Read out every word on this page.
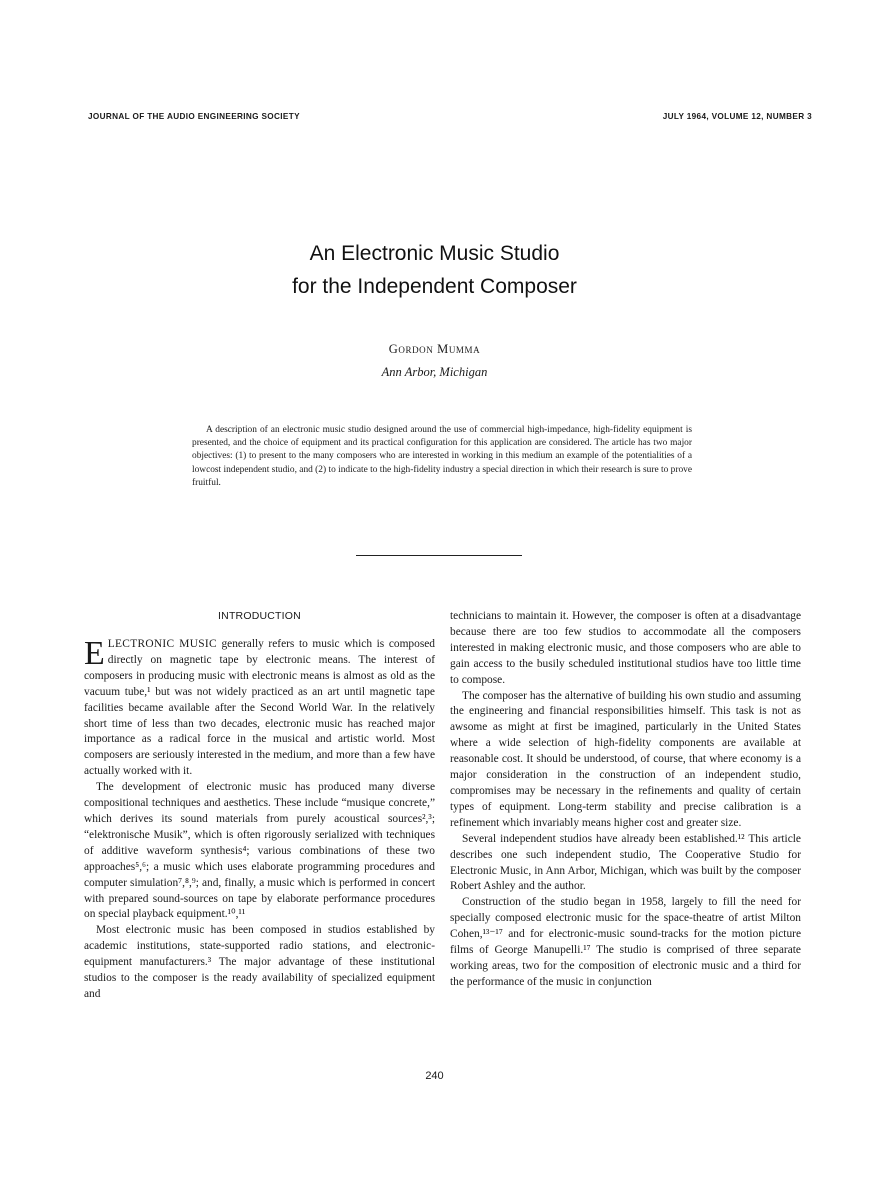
JOURNAL OF THE AUDIO ENGINEERING SOCIETY	JULY 1964, VOLUME 12, NUMBER 3
An Electronic Music Studio
for the Independent Composer
Gordon Mumma
Ann Arbor, Michigan

A description of an electronic music studio designed around the use of commercial high-impedance, high-fidelity equipment is presented, and the choice of equipment and its practical configuration for this application are considered. The article has two major objectives: (1) to present to the many composers who are interested in working in this medium an example of the potentialities of a lowcost independent studio, and (2) to indicate to the high-fidelity industry a special direction in which their research is sure to prove fruitful.

INTRODUCTION

ELECTRONIC MUSIC generally refers to music which is composed directly on magnetic tape by electronic means. The interest of composers in producing music with electronic means is almost as old as the vacuum tube,¹ but was not widely practiced as an art until magnetic tape facilities became available after the Second World War. In the relatively short time of less than two decades, electronic music has reached major importance as a radical force in the musical and artistic world. Most composers are seriously interested in the medium, and more than a few have actually worked with it.

The development of electronic music has produced many diverse compositional techniques and aesthetics. These include “musique concrete,” which derives its sound materials from purely acoustical sources²,³; “elektronische Musik”, which is often rigorously serialized with techniques of additive waveform synthesis⁴; various combinations of these two approaches⁵,⁶; a music which uses elaborate programming procedures and computer simulation⁷,⁸,⁹; and, finally, a music which is performed in concert with prepared sound-sources on tape by elaborate performance procedures on special playback equipment.¹⁰,¹¹

Most electronic music has been composed in studios established by academic institutions, state-supported radio stations, and electronic-equipment manufacturers.³ The major advantage of these institutional studios to the composer is the ready availability of specialized equipment and

technicians to maintain it. However, the composer is often at a disadvantage because there are too few studios to accommodate all the composers interested in making electronic music, and those composers who are able to gain access to the busily scheduled institutional studios have too little time to compose.

The composer has the alternative of building his own studio and assuming the engineering and financial responsibilities himself. This task is not as awsome as might at first be imagined, particularly in the United States where a wide selection of high-fidelity components are available at reasonable cost. It should be understood, of course, that where economy is a major consideration in the construction of an independent studio, compromises may be necessary in the refinements and quality of certain types of equipment. Long-term stability and precise calibration is a refinement which invariably means higher cost and greater size.

Several independent studios have already been established.¹² This article describes one such independent studio, The Cooperative Studio for Electronic Music, in Ann Arbor, Michigan, which was built by the composer Robert Ashley and the author.

Construction of the studio began in 1958, largely to fill the need for specially composed electronic music for the space-theatre of artist Milton Cohen,¹³⁻¹⁷ and for electronic-music sound-tracks for the motion picture films of George Manupelli.¹⁷ The studio is comprised of three separate working areas, two for the composition of electronic music and a third for the performance of the music in conjunction

240
